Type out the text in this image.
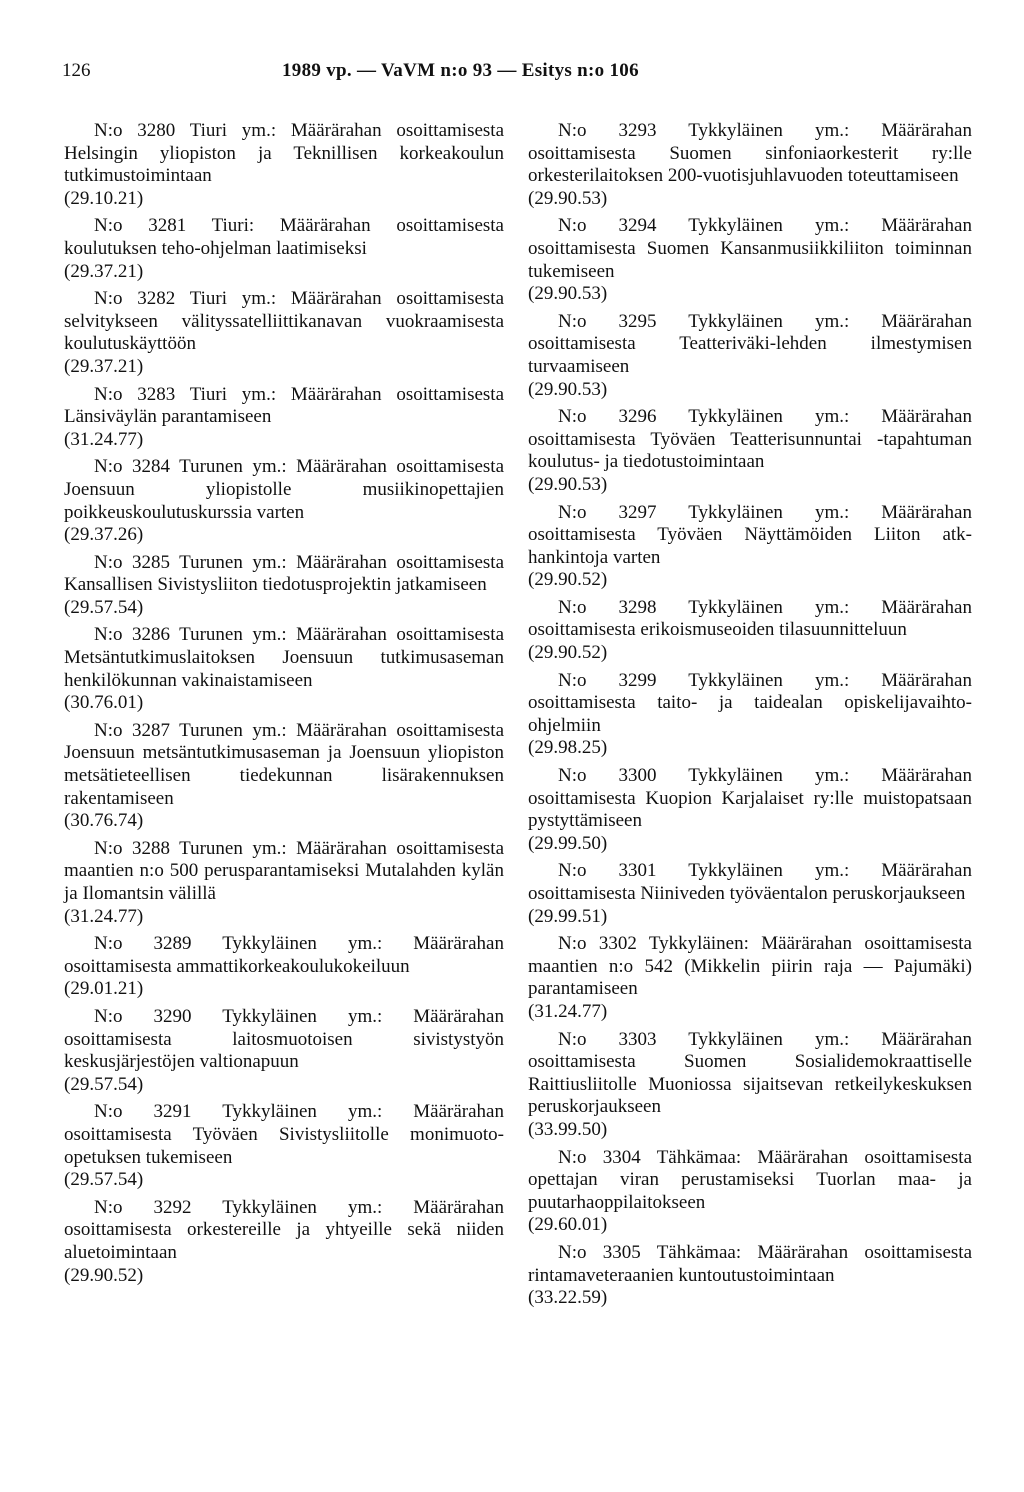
126	1989 vp. — VaVM n:o 93 — Esitys n:o 106
N:o 3280 Tiuri ym.: Määrärahan osoittamisesta Helsingin yliopiston ja Teknillisen korkeakoulun tutkimustoimintaan
(29.10.21)
N:o 3281 Tiuri: Määrärahan osoittamisesta koulutuksen teho-ohjelman laatimiseksi
(29.37.21)
N:o 3282 Tiuri ym.: Määrärahan osoittamisesta selvitykseen välityssatelliittikanavan vuokraamisesta koulutuskäyttöön
(29.37.21)
N:o 3283 Tiuri ym.: Määrärahan osoittamisesta Länsiväylän parantamiseen
(31.24.77)
N:o 3284 Turunen ym.: Määrärahan osoittamisesta Joensuun yliopistolle musiikinopettajien poikkeuskoulutuskurssia varten
(29.37.26)
N:o 3285 Turunen ym.: Määrärahan osoittamisesta Kansallisen Sivistysliiton tiedotusprojektin jatkamiseen
(29.57.54)
N:o 3286 Turunen ym.: Määrärahan osoittamisesta Metsäntutkimuslaitoksen Joensuun tutkimusaseman henkilökunnan vakinaistamiseen
(30.76.01)
N:o 3287 Turunen ym.: Määrärahan osoittamisesta Joensuun metsäntutkimusaseman ja Joensuun yliopiston metsätieteellisen tiedekunnan lisärakennuksen rakentamiseen
(30.76.74)
N:o 3288 Turunen ym.: Määrärahan osoittamisesta maantien n:o 500 perusparantamiseksi Mutalahden kylän ja Ilomantsin välillä
(31.24.77)
N:o 3289 Tykkyläinen ym.: Määrärahan osoittamisesta ammattikorkeakoulukokeiluun
(29.01.21)
N:o 3290 Tykkyläinen ym.: Määrärahan osoittamisesta laitosmuotoisen sivistystyön keskusjärjestöjen valtionapuun
(29.57.54)
N:o 3291 Tykkyläinen ym.: Määrärahan osoittamisesta Työväen Sivistysliitolle monimuoto-opetuksen tukemiseen
(29.57.54)
N:o 3292 Tykkyläinen ym.: Määrärahan osoittamisesta orkestereille ja yhtyeille sekä niiden aluetoimintaan
(29.90.52)
N:o 3293 Tykkyläinen ym.: Määrärahan osoittamisesta Suomen sinfoniaorkesterit ry:lle orkesterilaitoksen 200-vuotisjuhlavuoden toteuttamiseen
(29.90.53)
N:o 3294 Tykkyläinen ym.: Määrärahan osoittamisesta Suomen Kansanmusiikkiliiton toiminnan tukemiseen
(29.90.53)
N:o 3295 Tykkyläinen ym.: Määrärahan osoittamisesta Teatteriväki-lehden ilmestymisen turvaamiseen
(29.90.53)
N:o 3296 Tykkyläinen ym.: Määrärahan osoittamisesta Työväen Teatterisunnuntai -tapahtuman koulutus- ja tiedotustoimintaan
(29.90.53)
N:o 3297 Tykkyläinen ym.: Määrärahan osoittamisesta Työväen Näyttämöiden Liiton atk-hankintoja varten
(29.90.52)
N:o 3298 Tykkyläinen ym.: Määrärahan osoittamisesta erikoismuseoiden tilasuunnitteluun
(29.90.52)
N:o 3299 Tykkyläinen ym.: Määrärahan osoittamisesta taito- ja taidealan opiskelijavaihto-ohjelmiin
(29.98.25)
N:o 3300 Tykkyläinen ym.: Määrärahan osoittamisesta Kuopion Karjalaiset ry:lle muistopatsaan pystyttämiseen
(29.99.50)
N:o 3301 Tykkyläinen ym.: Määrärahan osoittamisesta Niiniveden työväentalon peruskorjaukseen
(29.99.51)
N:o 3302 Tykkyläinen: Määrärahan osoittamisesta maantien n:o 542 (Mikkelin piirin raja — Pajumäki) parantamiseen
(31.24.77)
N:o 3303 Tykkyläinen ym.: Määrärahan osoittamisesta Suomen Sosialidemokraattiselle Raittiusliitolle Muoniossa sijaitsevan retkeilykeskuksen peruskorjaukseen
(33.99.50)
N:o 3304 Tähkämaa: Määrärahan osoittamisesta opettajan viran perustamiseksi Tuorlan maa- ja puutarhaoppilaitokseen
(29.60.01)
N:o 3305 Tähkämaa: Määrärahan osoittamisesta rintamaveteraanien kuntoutustoimintaan
(33.22.59)
